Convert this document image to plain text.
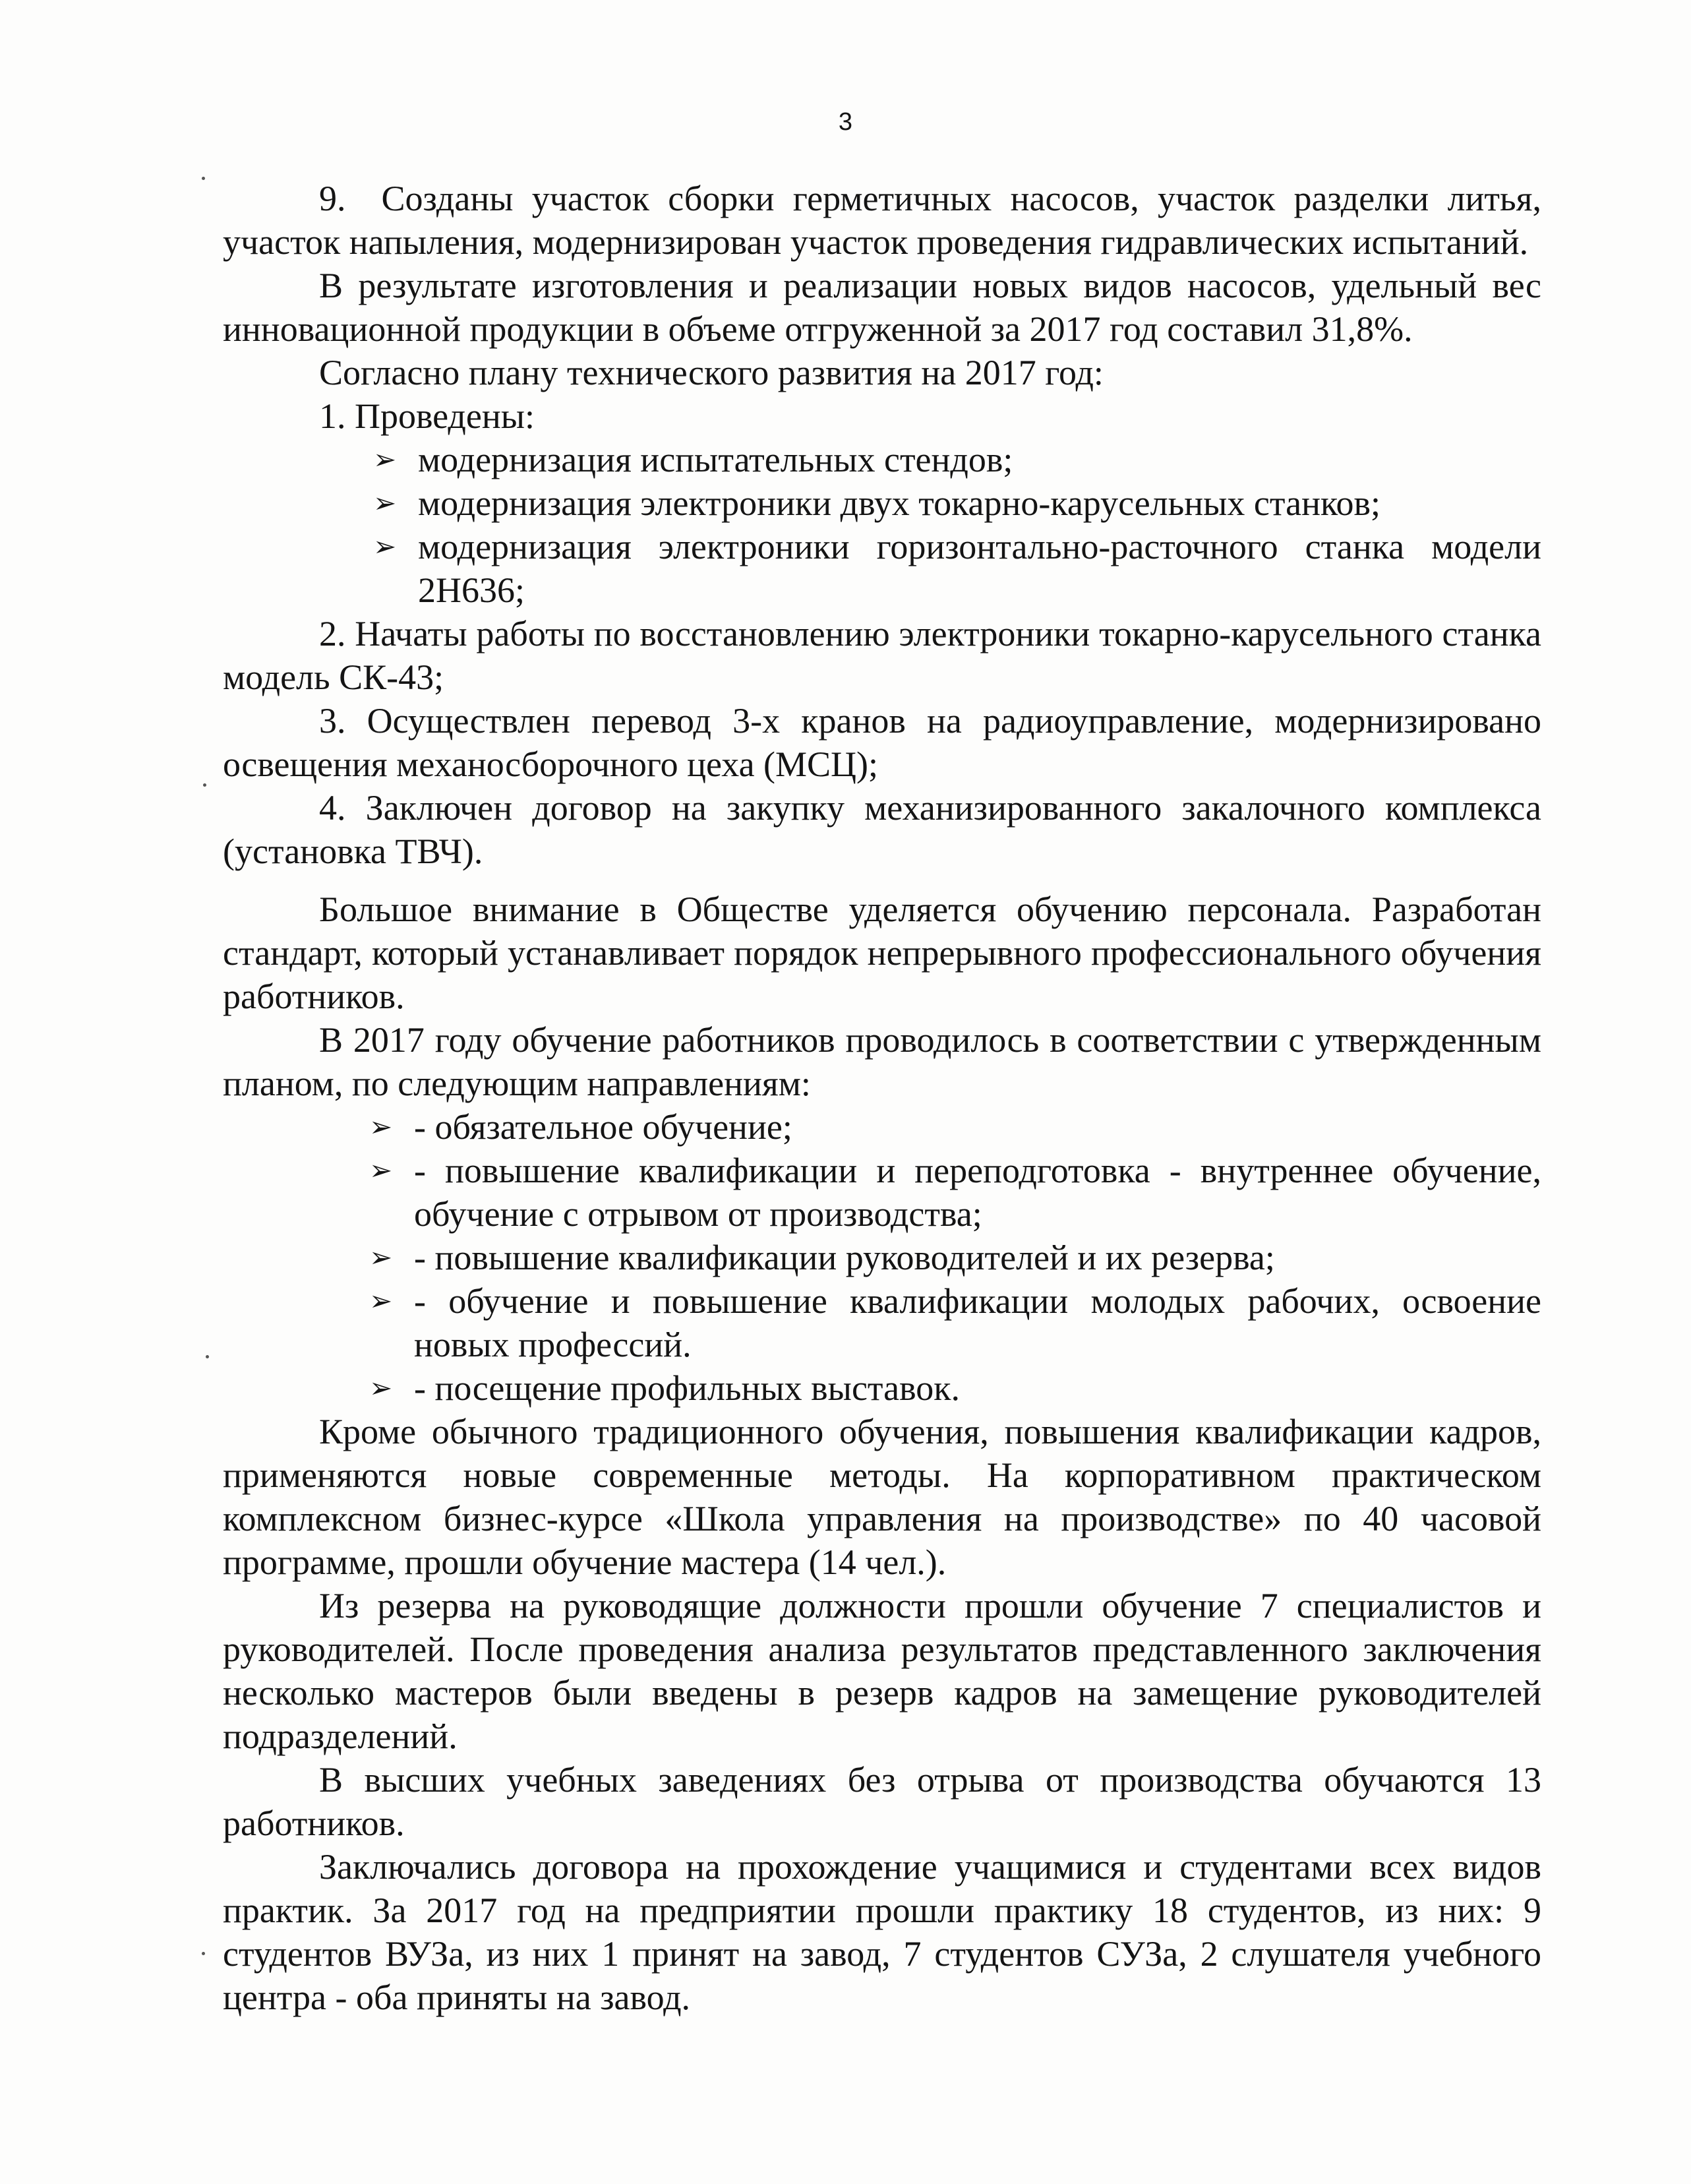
3

9. Созданы участок сборки герметичных насосов, участок разделки литья, участок напыления, модернизирован участок проведения гидравлических испытаний.

В результате изготовления и реализации новых видов насосов, удельный вес инновационной продукции в объеме отгруженной за 2017 год составил 31,8%.

Согласно плану технического развития на 2017 год:

1. Проведены:

➢ модернизация испытательных стендов;
➢ модернизация электроники двух токарно-карусельных станков;
➢ модернизация электроники горизонтально-расточного станка модели 2Н636;

2. Начаты работы по восстановлению электроники токарно-карусельного станка модель СК-43;

3. Осуществлен перевод 3-х кранов на радиоуправление, модернизировано освещения механосборочного цеха (МСЦ);

4. Заключен договор на закупку механизированного закалочного комплекса (установка ТВЧ).

Большое внимание в Обществе уделяется обучению персонала. Разработан стандарт, который устанавливает порядок непрерывного профессионального обучения работников.

В 2017 году обучение работников проводилось в соответствии с утвержденным планом, по следующим направлениям:

➢ - обязательное обучение;
➢ - повышение квалификации и переподготовка - внутреннее обучение, обучение с отрывом от производства;
➢ - повышение квалификации руководителей и их резерва;
➢ - обучение и повышение квалификации молодых рабочих, освоение новых профессий.
➢ - посещение профильных выставок.

Кроме обычного традиционного обучения, повышения квалификации кадров, применяются новые современные методы. На корпоративном практическом комплексном бизнес-курсе «Школа управления на производстве» по 40 часовой программе, прошли обучение мастера (14 чел.).

Из резерва на руководящие должности прошли обучение 7 специалистов и руководителей. После проведения анализа результатов представленного заключения несколько мастеров были введены в резерв кадров на замещение руководителей подразделений.

В высших учебных заведениях без отрыва от производства обучаются 13 работников.

Заключались договора на прохождение учащимися и студентами всех видов практик. За 2017 год на предприятии прошли практику 18 студентов, из них: 9 студентов ВУЗа, из них 1 принят на завод, 7 студентов СУЗа, 2 слушателя учебного центра - оба приняты на завод.
